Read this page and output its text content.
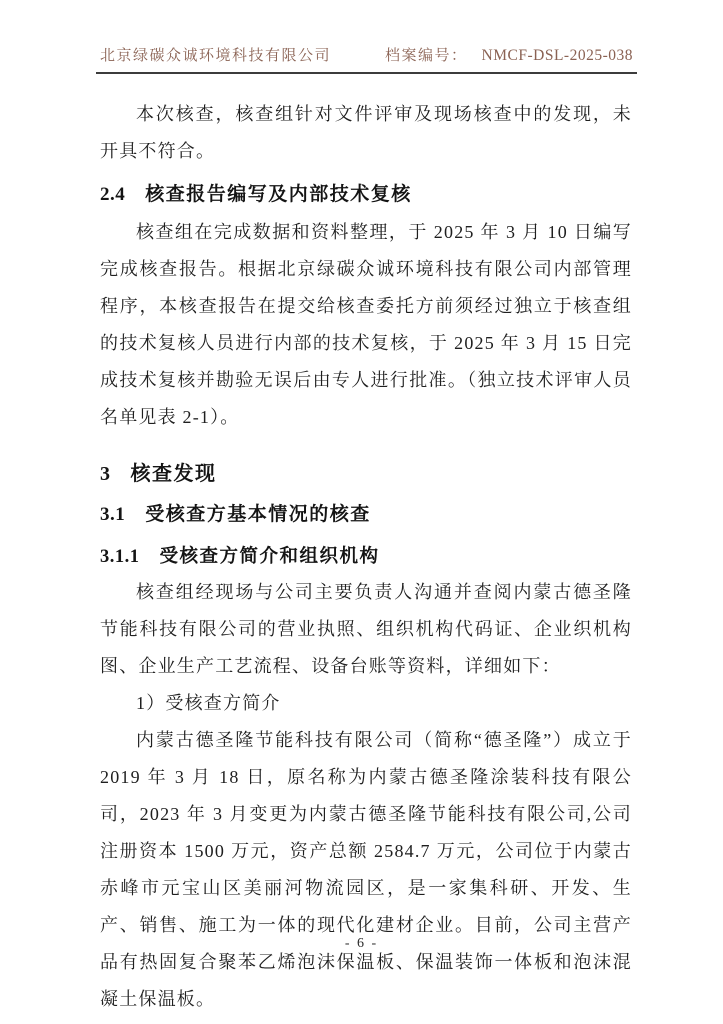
北京绿碳众诚环境科技有限公司	档案编号： NMCF-DSL-2025-038

本次核查，核查组针对文件评审及现场核查中的发现，未开具不符合。

2.4 核查报告编写及内部技术复核

核查组在完成数据和资料整理，于 2025 年 3 月 10 日编写完成核查报告。根据北京绿碳众诚环境科技有限公司内部管理程序，本核查报告在提交给核查委托方前须经过独立于核查组的技术复核人员进行内部的技术复核，于 2025 年 3 月 15 日完成技术复核并勘验无误后由专人进行批准。（独立技术评审人员名单见表 2-1）。

3 核查发现
3.1 受核查方基本情况的核查
3.1.1 受核查方简介和组织机构

核查组经现场与公司主要负责人沟通并查阅内蒙古德圣隆节能科技有限公司的营业执照、组织机构代码证、企业织机构图、企业生产工艺流程、设备台账等资料，详细如下：

1）受核查方简介

内蒙古德圣隆节能科技有限公司（简称“德圣隆”）成立于 2019 年 3 月 18 日，原名称为内蒙古德圣隆涂装科技有限公司，2023 年 3 月变更为内蒙古德圣隆节能科技有限公司,公司注册资本 1500 万元，资产总额 2584.7 万元，公司位于内蒙古赤峰市元宝山区美丽河物流园区，是一家集科研、开发、生产、销售、施工为一体的现代化建材企业。目前，公司主营产品有热固复合聚苯乙烯泡沫保温板、保温装饰一体板和泡沫混凝土保温板。

- 6 -
